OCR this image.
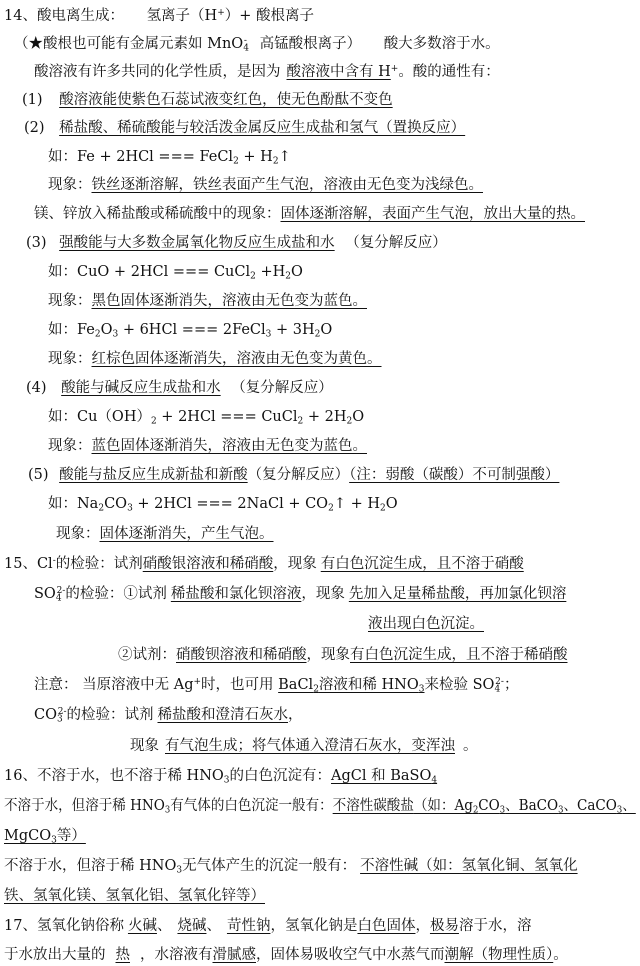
14、酸电离生成： 氢离子（H+）+ 酸根离子
（★酸根也可能有金属元素如 MnO$_4$- 高锰酸根离子） 酸大多数溶于水。
酸溶液有许多共同的化学性质，是因为 酸溶液中含有 H+。酸的通性有：
(1) 酸溶液能使紫色石蕊试液变红色，使无色酚酞不变色
(2) 稀盐酸、稀硫酸能与较活泼金属反应生成盐和氢气（置换反应）
如：Fe + 2HCl === FeCl$_2$ + $H_2↑$
现象：铁丝逐渐溶解，铁丝表面产生气泡，溶液由无色变为浅绿色。
镁、锌放入稀盐酸或稀硫酸中的现象：固体逐渐溶解，表面产生气泡，放出大量的热。
(3) 强酸能与大多数金属氧化物反应生成盐和水 （复分解反应）
如：CuO + 2HCl === CuCl$_2$ $+H_2O$
现象：黑色固体逐渐消失，溶液由无色变为蓝色。
如：$Fe_2O_3 + 6HCl$ === 2FeCl$_3$ + $3H_2O$
现象：红棕色固体逐渐消失，溶液由无色变为黄色。
(4) 酸能与碱反应生成盐和水 （复分解反应）
如：$Cu(OH)_2 + 2HCl$ === CuCl$_2$ + $2H_2O$
现象：蓝色固体逐渐消失，溶液由无色变为蓝色。
(5) 酸能与盐反应生成新盐和新酸（复分解反应）（注：弱酸（碳酸）不可制强酸）
如：$Na_2CO_3 + 2HCl$ === 2NaCl + $CO_2↑ + H_2O$
现象：固体逐渐消失，产生气泡。
15、Cl-的检验：试剂硝酸银溶液和稀硝酸，现象 有白色沉淀生成，且不溶于硝酸
$SO_4^{2-}$的检验：①试剂 稀盐酸和氯化钡溶液，现象 先加入足量稀盐酸，再加氯化钡溶
液出现白色沉淀。
②试剂：硝酸钡溶液和稀硝酸，现象有白色沉淀生成，且不溶于稀硝酸
注意： 当原溶液中无 Ag+时，也可用 BaCl$_2$溶液和稀 $HNO_3$来检验 $SO_4^{2-}$；
$CO_3^{2-}$的检验：试剂 稀盐酸和澄清石灰水，
现象 有气泡生成；将气体通入澄清石灰水，变浑浊 。
16、不溶于水，也不溶于稀 $HNO_3$的白色沉淀有：AgCl 和 BaSO$_4$
不溶于水，但溶于稀 $HNO_3$有气体的白色沉淀一般有：不溶性碳酸盐（如：$Ag_2CO_3$、BaCO$_3$、CaCO$_3$、
MgCO$_3$等）
不溶于水，但溶于稀 $HNO_3$无气体产生的沉淀一般有： 不溶性碱（如：氢氧化铜、氢氧化
铁、氢氧化镁、氢氧化铝、氢氧化锌等）
17、氢氧化钠俗称 火碱、 烧碱、 苛性钠，氢氧化钠是白色固体，极易溶于水，溶
于水放出大量的 热 ，水溶液有滑腻感，固体易吸收空气中水蒸气而潮解（物理性质）。
